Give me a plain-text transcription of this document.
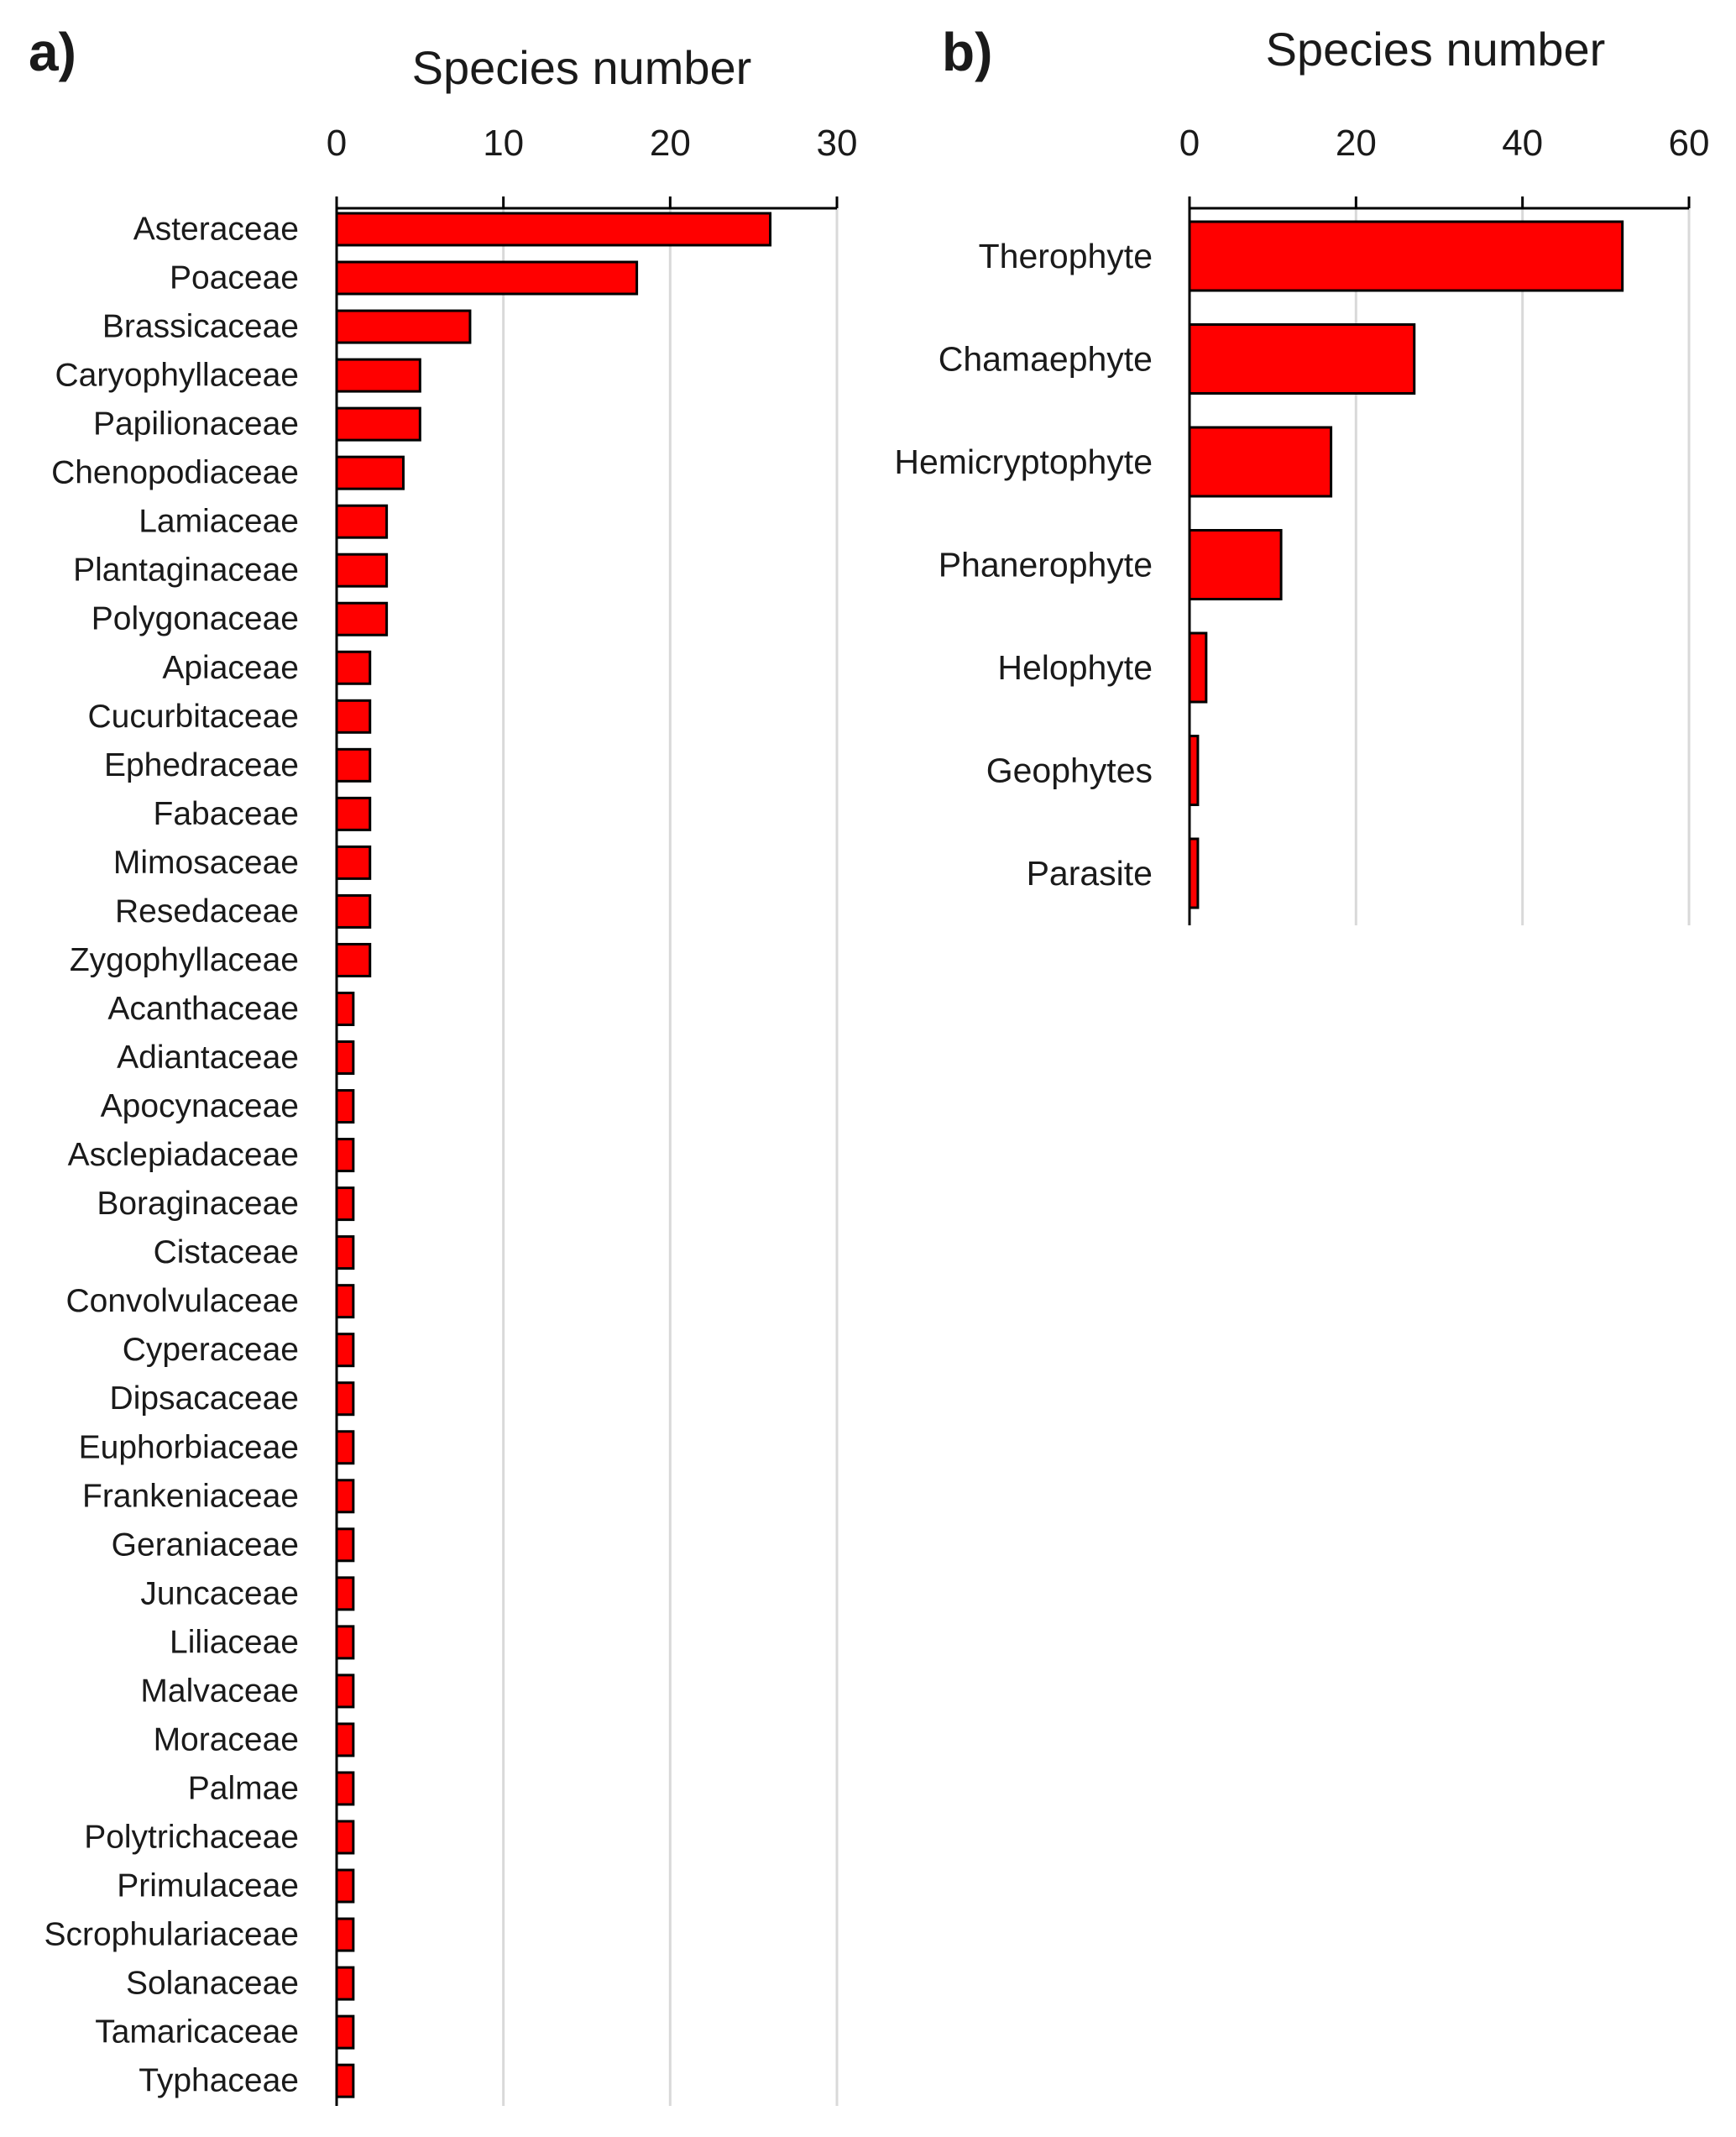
a)	Species number
0	10	20	30
Asteraceae
Poaceae
Brassicaceae
Caryophyllaceae
Papilionaceae
Chenopodiaceae
Lamiaceae
Plantaginaceae
Polygonaceae
Apiaceae
Cucurbitaceae
Ephedraceae
Fabaceae
Mimosaceae
Resedaceae
Zygophyllaceae
Acanthaceae
Adiantaceae
Apocynaceae
Asclepiadaceae
Boraginaceae
Cistaceae
Convolvulaceae
Cyperaceae
Dipsacaceae
Euphorbiaceae
Frankeniaceae
Geraniaceae
Juncaceae
Liliaceae
Malvaceae
Moraceae
Palmae
Polytrichaceae
Primulaceae
Scrophulariaceae
Solanaceae
Tamaricaceae
Typhaceae
b)	Species number
0	20	40	60
Therophyte
Chamaephyte
Hemicryptophyte
Phanerophyte
Helophyte
Geophytes
Parasite
